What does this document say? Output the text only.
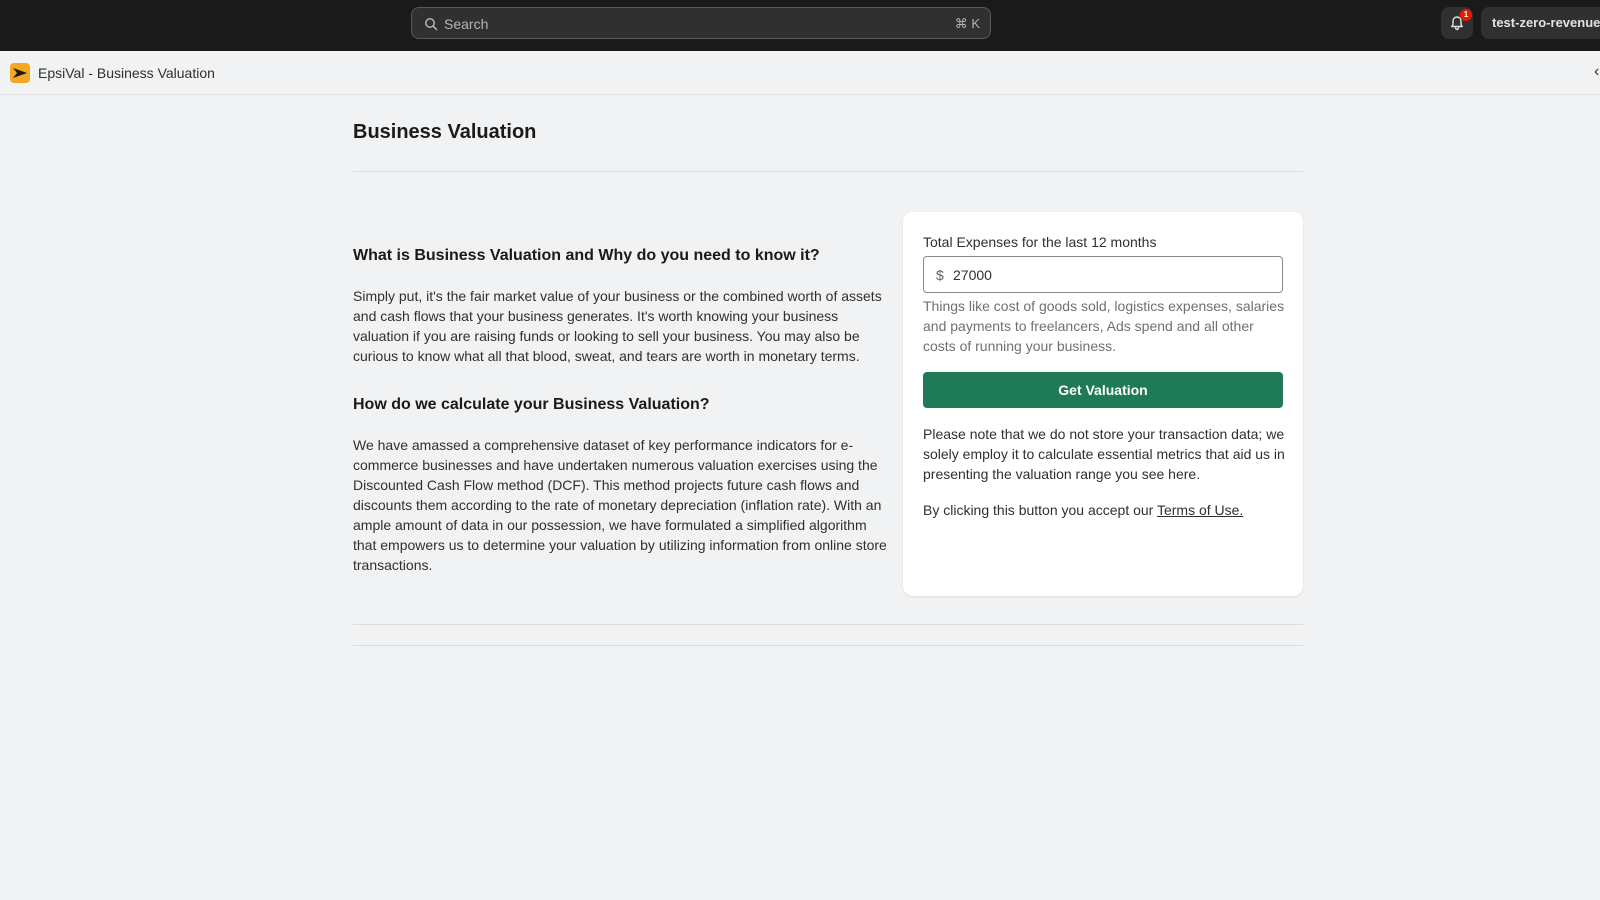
Search	⌘ K
1
test-zero-revenue
EpsiVal - Business Valuation	‹
Business Valuation
What is Business Valuation and Why do you need to know it?

Simply put, it's the fair market value of your business or the combined worth of assets and cash flows that your business generates. It's worth knowing your business valuation if you are raising funds or looking to sell your business. You may also be curious to know what all that blood, sweat, and tears are worth in monetary terms.

How do we calculate your Business Valuation?

We have amassed a comprehensive dataset of key performance indicators for e-commerce businesses and have undertaken numerous valuation exercises using the Discounted Cash Flow method (DCF). This method projects future cash flows and discounts them according to the rate of monetary depreciation (inflation rate). With an ample amount of data in our possession, we have formulated a simplified algorithm that empowers us to determine your valuation by utilizing information from online store transactions.

Total Expenses for the last 12 months
$ 27000
Things like cost of goods sold, logistics expenses, salaries and payments to freelancers, Ads spend and all other costs of running your business.
Get Valuation
Please note that we do not store your transaction data; we solely employ it to calculate essential metrics that aid us in presenting the valuation range you see here.
By clicking this button you accept our Terms of Use.
